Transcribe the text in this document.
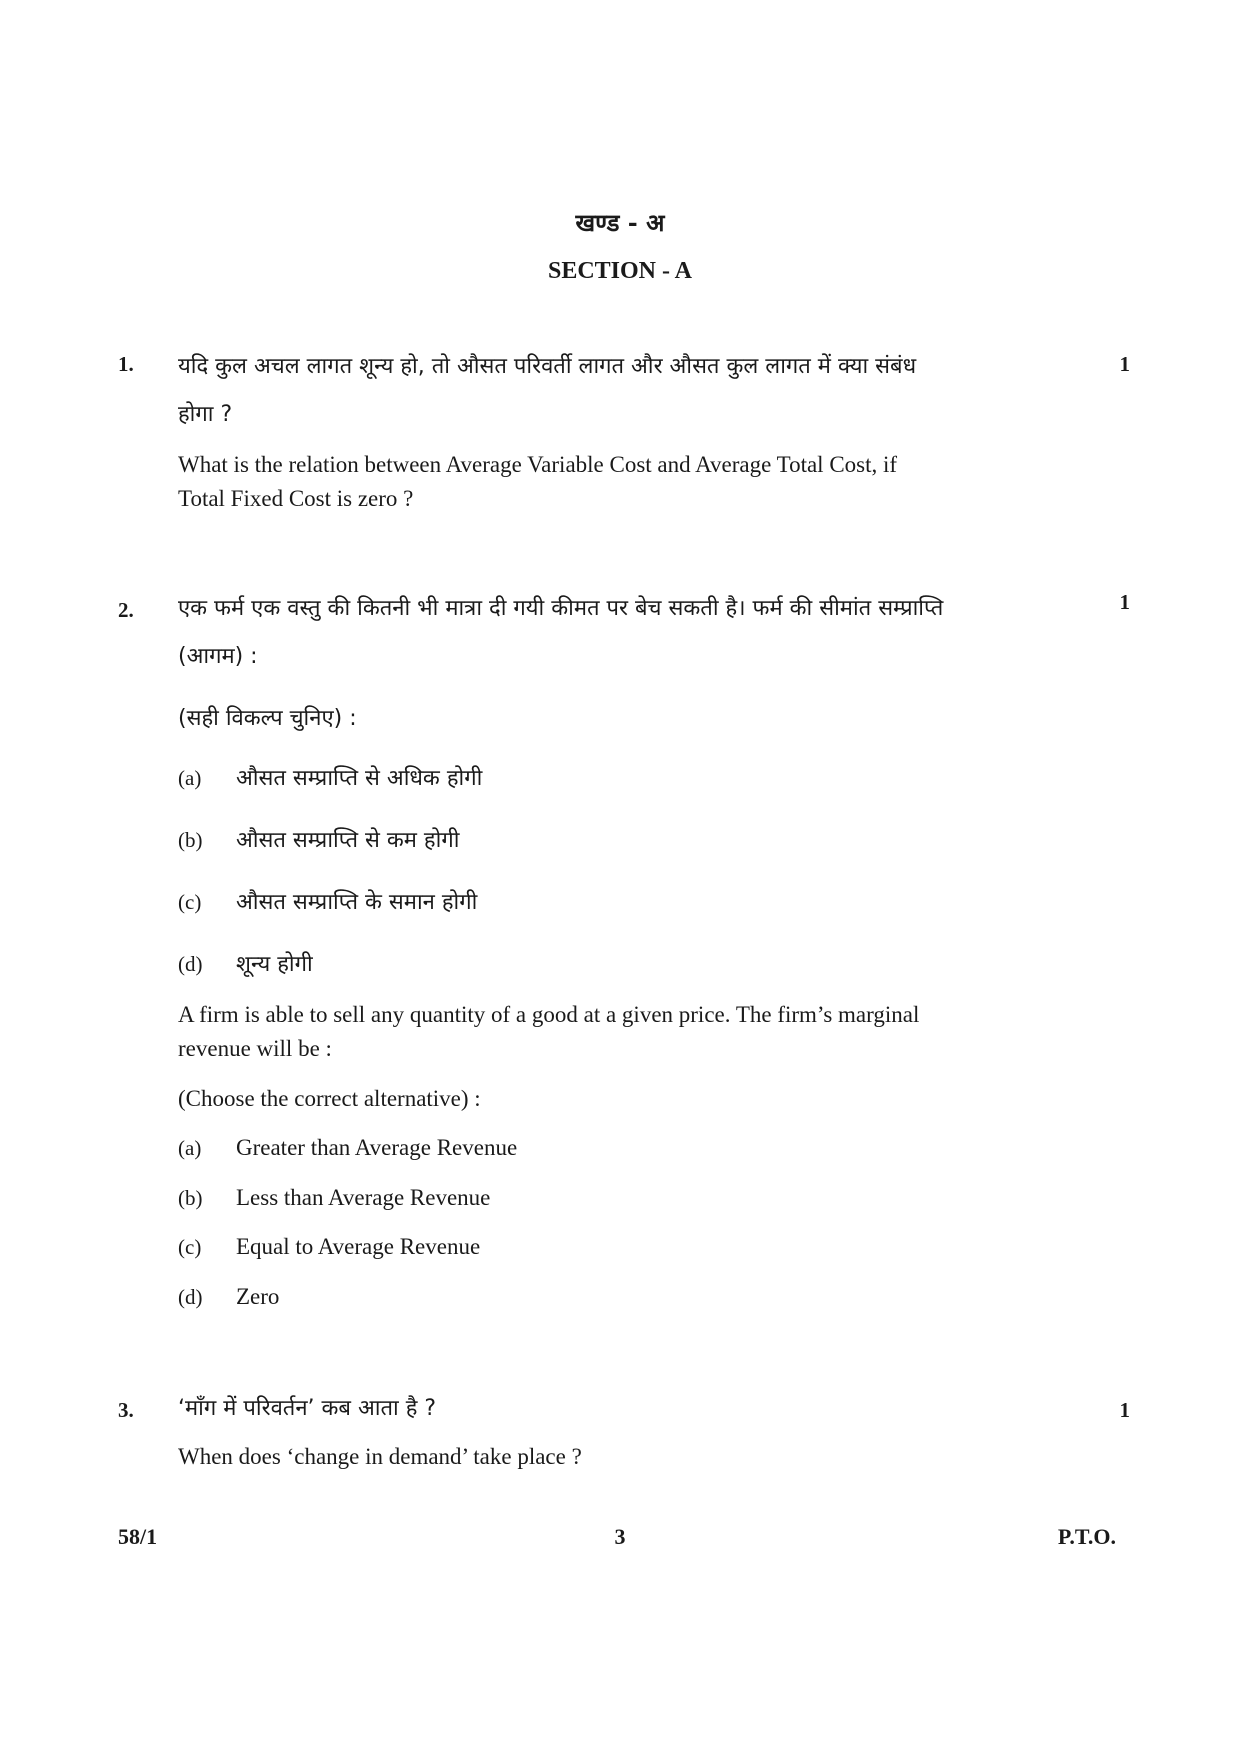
खण्ड - अ
SECTION - A
1.	1
यदि कुल अचल लागत शून्य हो, तो औसत परिवर्ती लागत और औसत कुल लागत में क्या संबंध
होगा ?
What is the relation between Average Variable Cost and Average Total Cost, if
Total Fixed Cost is zero ?
2.	1
एक फर्म एक वस्तु की कितनी भी मात्रा दी गयी कीमत पर बेच सकती है। फर्म की सीमांत सम्प्राप्ति
(आगम) :
(सही विकल्प चुनिए) :
(a) औसत सम्प्राप्ति से अधिक होगी
(b) औसत सम्प्राप्ति से कम होगी
(c) औसत सम्प्राप्ति के समान होगी
(d) शून्य होगी
A firm is able to sell any quantity of a good at a given price. The firm’s marginal
revenue will be :
(Choose the correct alternative) :
(a) Greater than Average Revenue
(b) Less than Average Revenue
(c) Equal to Average Revenue
(d) Zero
3.	1
‘माँग में परिवर्तन’ कब आता है ?
When does ‘change in demand’ take place ?
58/1	3	P.T.O.
